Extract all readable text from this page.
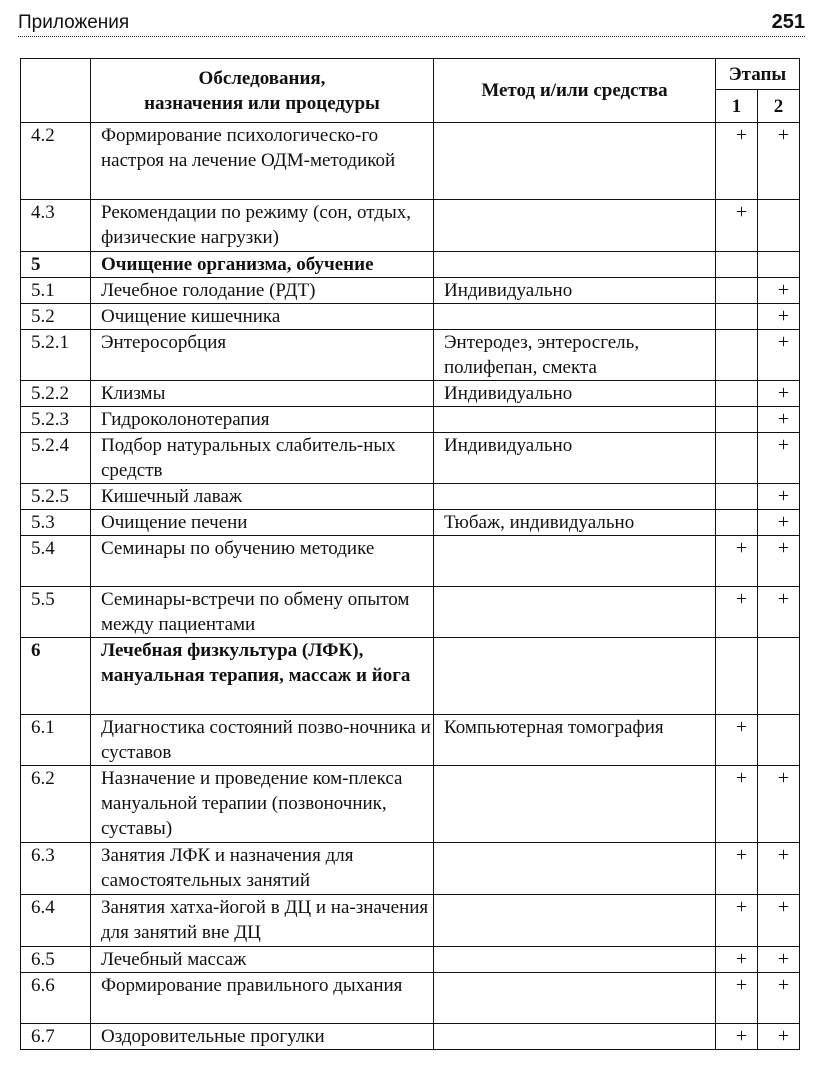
Приложения	251

	Обследования,
назначения или процедуры	Метод и/или средства	Этапы	
			1	2
4.2	Формирование психологическо-го настроя на лечение ОДМ-методикой		+	+
4.3	Рекомендации по режиму (сон, отдых, физические нагрузки)		+	
5	Очищение организма, обучение			
5.1	Лечебное голодание (РДТ)	Индивидуально		+
5.2	Очищение кишечника			+
5.2.1	Энтеросорбция	Энтеродез, энтеросгель, полифепан, смекта		+
5.2.2	Клизмы	Индивидуально		+
5.2.3	Гидроколонотерапия			+
5.2.4	Подбор натуральных слабитель-ных средств	Индивидуально		+
5.2.5	Кишечный лаваж			+
5.3	Очищение печени	Тюбаж, индивидуально		+
5.4	Семинары по обучению методике		+	+
5.5	Семинары-встречи по обмену опытом между пациентами		+	+
6	Лечебная физкультура (ЛФК), мануальная терапия, массаж и йога			
6.1	Диагностика состояний позво-ночника и суставов	Компьютерная томография	+	
6.2	Назначение и проведение ком-плекса мануальной терапии (позвоночник, суставы)		+	+
6.3	Занятия ЛФК и назначения для самостоятельных занятий		+	+
6.4	Занятия хатха-йогой в ДЦ и на-значения для занятий вне ДЦ		+	+
6.5	Лечебный массаж		+	+
6.6	Формирование правильного дыхания		+	+
6.7	Оздоровительные прогулки		+	+
